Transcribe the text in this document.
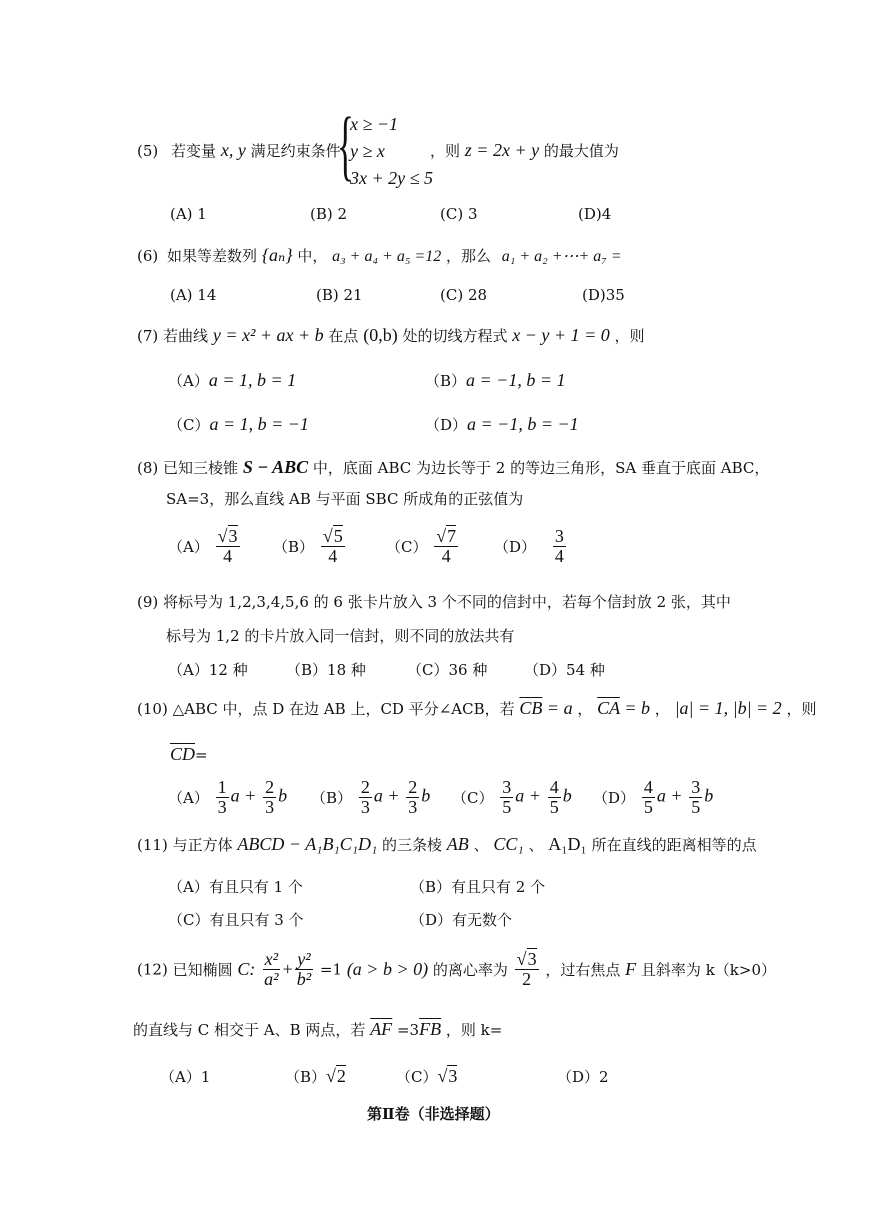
(5) 若变量 x, y 满足约束条件
{
x ≥ −1
y ≥ x
3x + 2y ≤ 5
，则 z = 2x + y 的最大值为
(A) 1	(B) 2	(C) 3	(D)4
(6) 如果等差数列 {aₙ} 中， a₃ + a₄ + a₅ =12 ，那么 a₁ + a₂ +⋯+ a₇ =
(A) 14	(B) 21	(C) 28	(D)35
(7) 若曲线 y = x² + ax + b 在点 (0,b) 处的切线方程式 x − y + 1 = 0 ，则
（A）a = 1, b = 1	（B）a = −1, b = 1
（C）a = 1, b = −1	（D）a = −1, b = −1
(8) 已知三棱锥 S − ABC 中，底面 ABC 为边长等于 2 的等边三角形，SA 垂直于底面 ABC，
SA=3，那么直线 AB 与平面 SBC 所成角的正弦值为
$(A) \frac{√3}{4} (B) \frac{√5}{4}$	$(C) \frac{√7}{4} (D) \frac{3}{4}$
(9) 将标号为 1,2,3,4,5,6 的 6 张卡片放入 3 个不同的信封中，若每个信封放 2 张，其中
标号为 1,2 的卡片放入同一信封，则不同的放法共有
（A）12 种	（B）18 种	（C）36 种 （D）54 种
(10) △ABC 中，点 D 在边 AB 上，CD 平分∠ACB，若 $\overline{CB} = a$ ， $\overline{CA} = b$ ， |a| = 1, |b| = 2 ，则
$\overline{CD}=$
$(A) \frac{1}{3}$ $a + \frac{2}{3}$ b $(B) \frac{2}{3}$ $a + \frac{2}{3}$ b $(C) \frac{3}{5}$ $a + \frac{4}{5}$ b $(D) \frac{4}{5}$ $a + \frac{3}{5}$ b
(11) 与正方体 ABCD − A₁B₁C₁D₁ 的三条棱 AB 、 CC₁ 、 A₁D₁ 所在直线的距离相等的点
（A）有且只有 1 个	（B）有且只有 2 个
（C）有且只有 3 个	（D）有无数个
(12) 已知椭圆 C: $\frac{\text{x²}}{\text{a²}} + \frac{\text{y²}}{\text{b²}} =1$ (a > b > 0) 的离心率为 $\frac{√3}{2}$ ，过右焦点 F 且斜率为 k（k>0）
的直线与 C 相交于 A、B 两点，若 $\overline{AF} =3\overline{FB}$ ，则 k=
（A）1	（B）√2	（C）√3	（D）2
第Ⅱ卷（非选择题）
